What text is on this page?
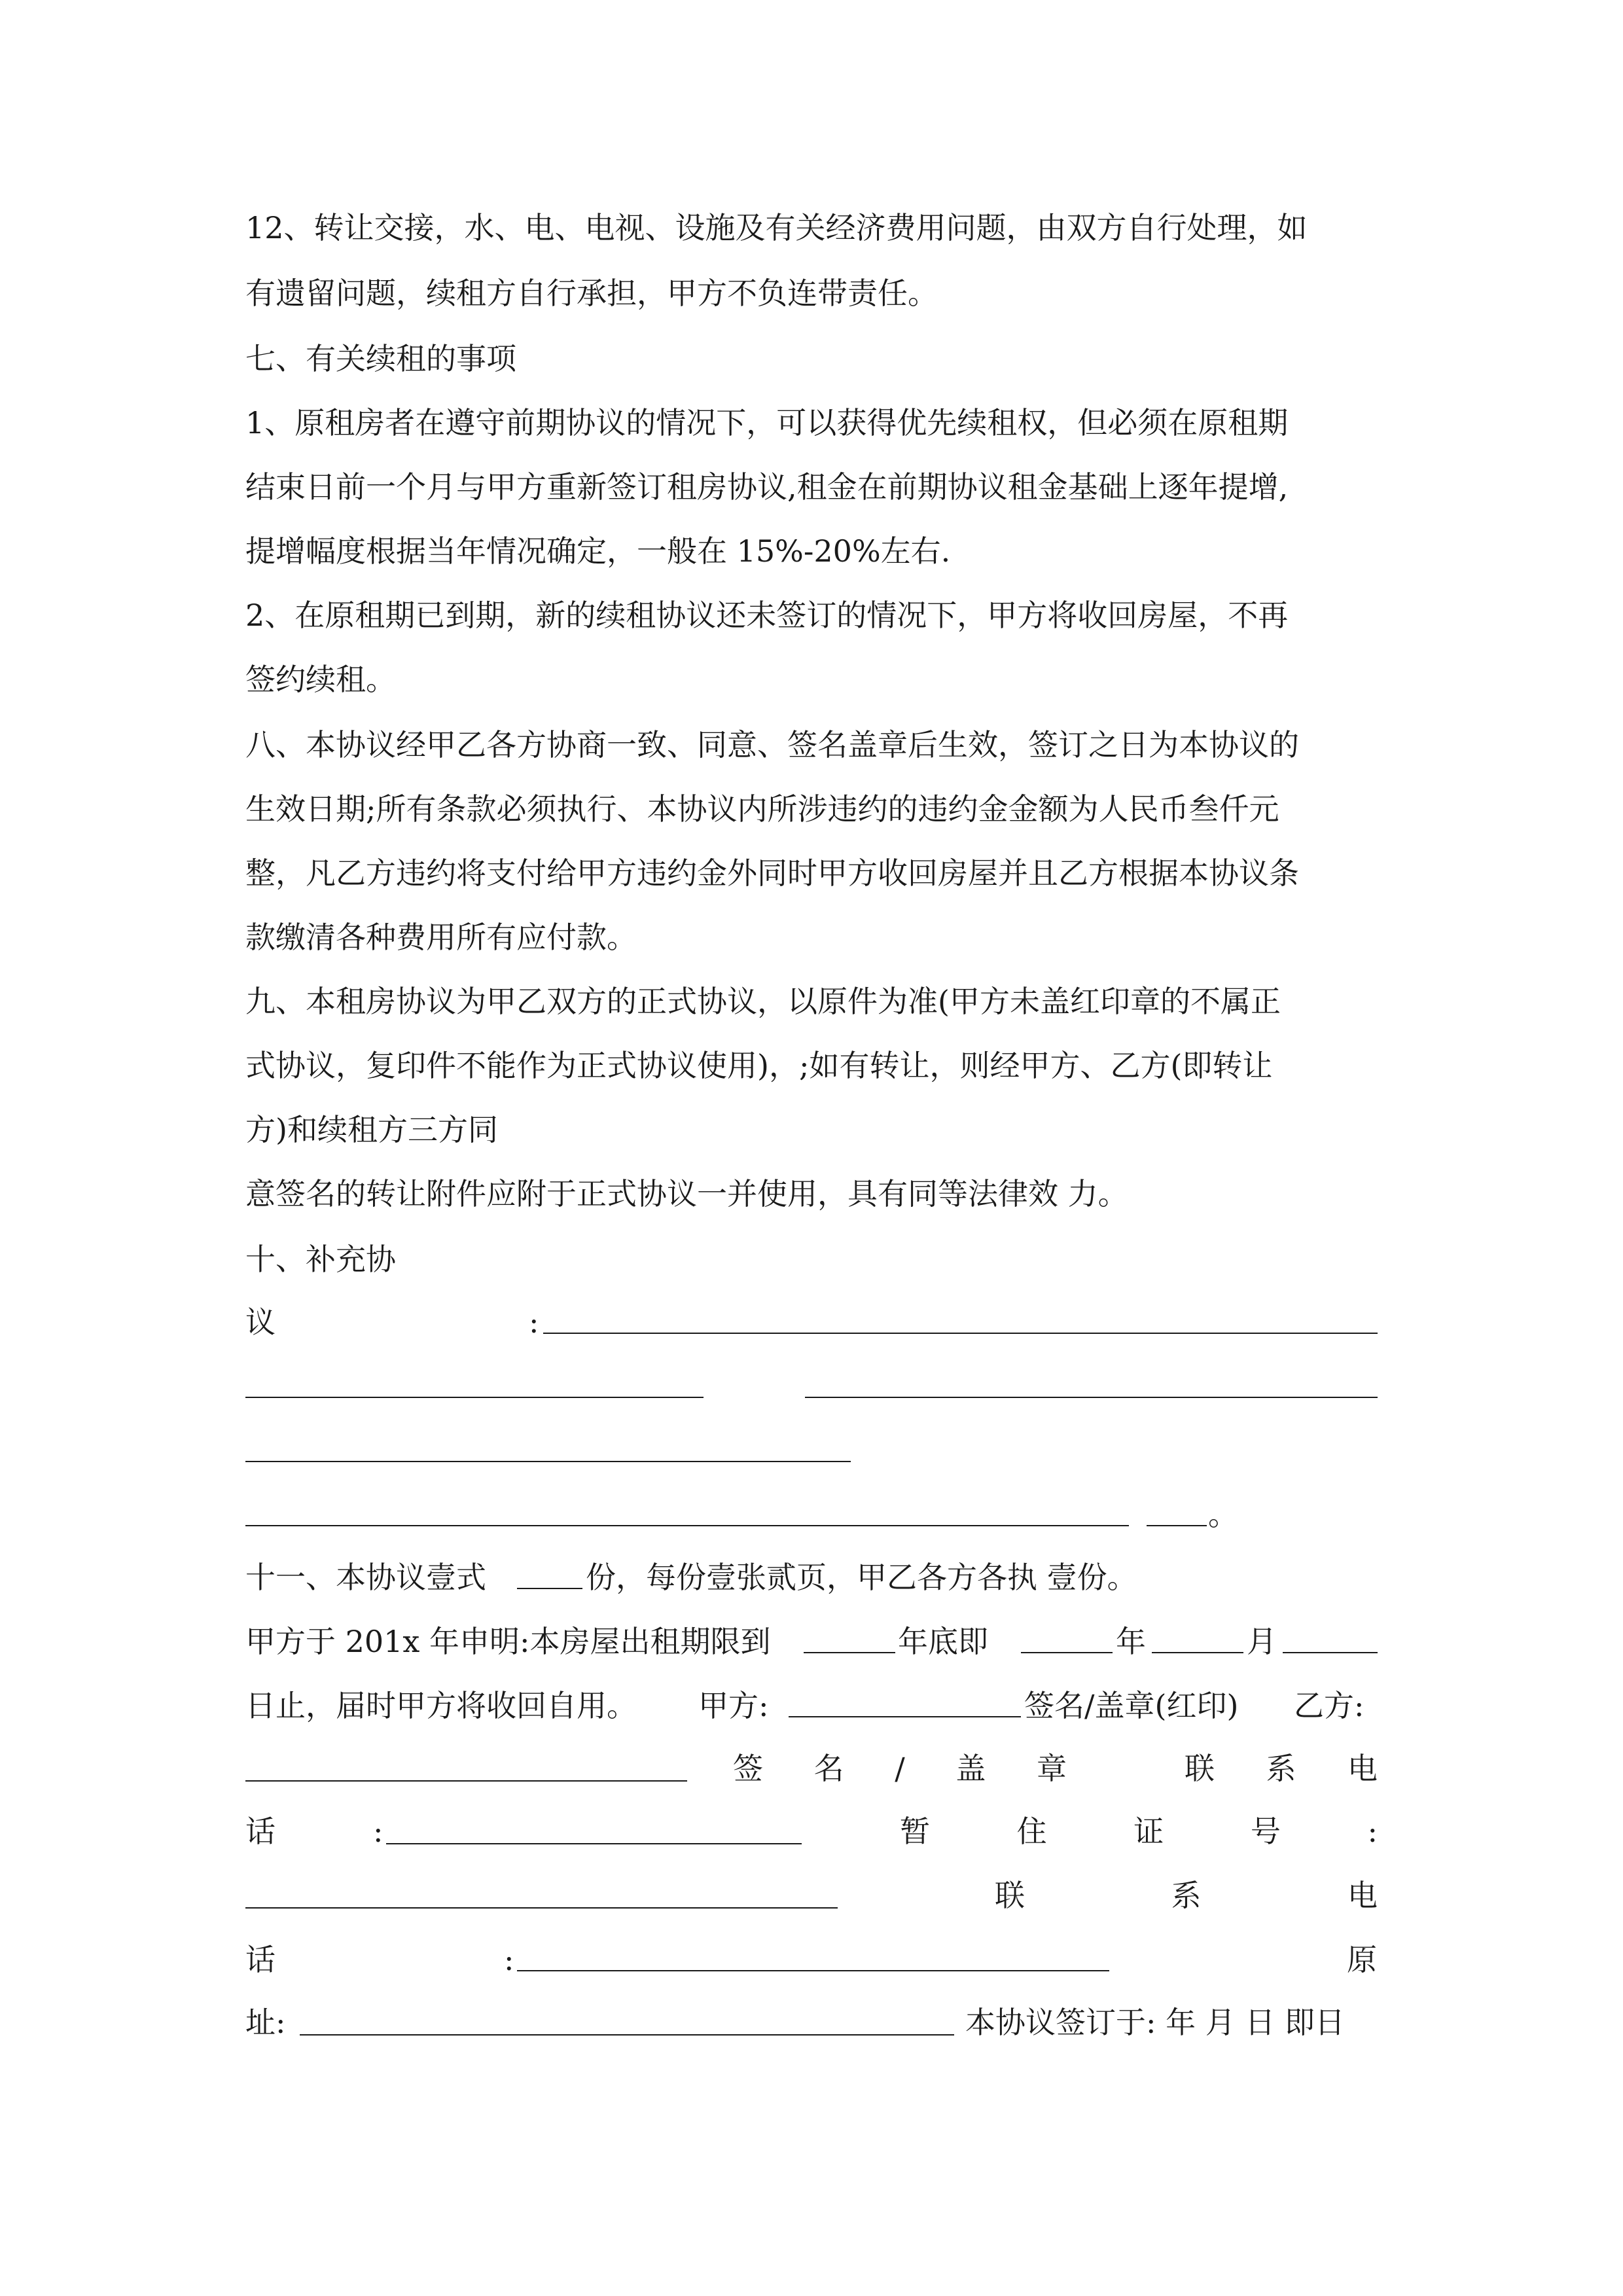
12、转让交接，水、电、电视、设施及有关经济费用问题，由双方自行处理，如
有遗留问题，续租方自行承担，甲方不负连带责任。
七、有关续租的事项
1、原租房者在遵守前期协议的情况下，可以获得优先续租权，但必须在原租期
结束日前一个月与甲方重新签订租房协议,租金在前期协议租金基础上逐年提增,
提增幅度根据当年情况确定，一般在 15%-20%左右.
2、在原租期已到期，新的续租协议还未签订的情况下，甲方将收回房屋，不再
签约续租。
八、本协议经甲乙各方协商一致、同意、签名盖章后生效，签订之日为本协议的
生效日期;所有条款必须执行、本协议内所涉违约的违约金金额为人民币叁仟元
整，凡乙方违约将支付给甲方违约金外同时甲方收回房屋并且乙方根据本协议条
款缴清各种费用所有应付款。
九、本租房协议为甲乙双方的正式协议，以原件为准(甲方未盖红印章的不属正
式协议，复印件不能作为正式协议使用)，;如有转让，则经甲方、乙方(即转让
方)和续租方三方同
意签名的转让附件应附于正式协议一并使用，具有同等法律效 力。
十、补充协
议	:
。
十一、本协议壹式	份，每份壹张贰页，甲乙各方各执 壹份。
甲方于 201x 年申明:本房屋出租期限到	年底即	年	月
日止，届时甲方将收回自用。 甲方:	签名/盖章(红印) 乙方:
签 名 / 盖 章	联 系 电
话	:	暂	住	证	号	:
联	系	电
话	:	原
址:	本协议签订于: 年 月 日 即日
